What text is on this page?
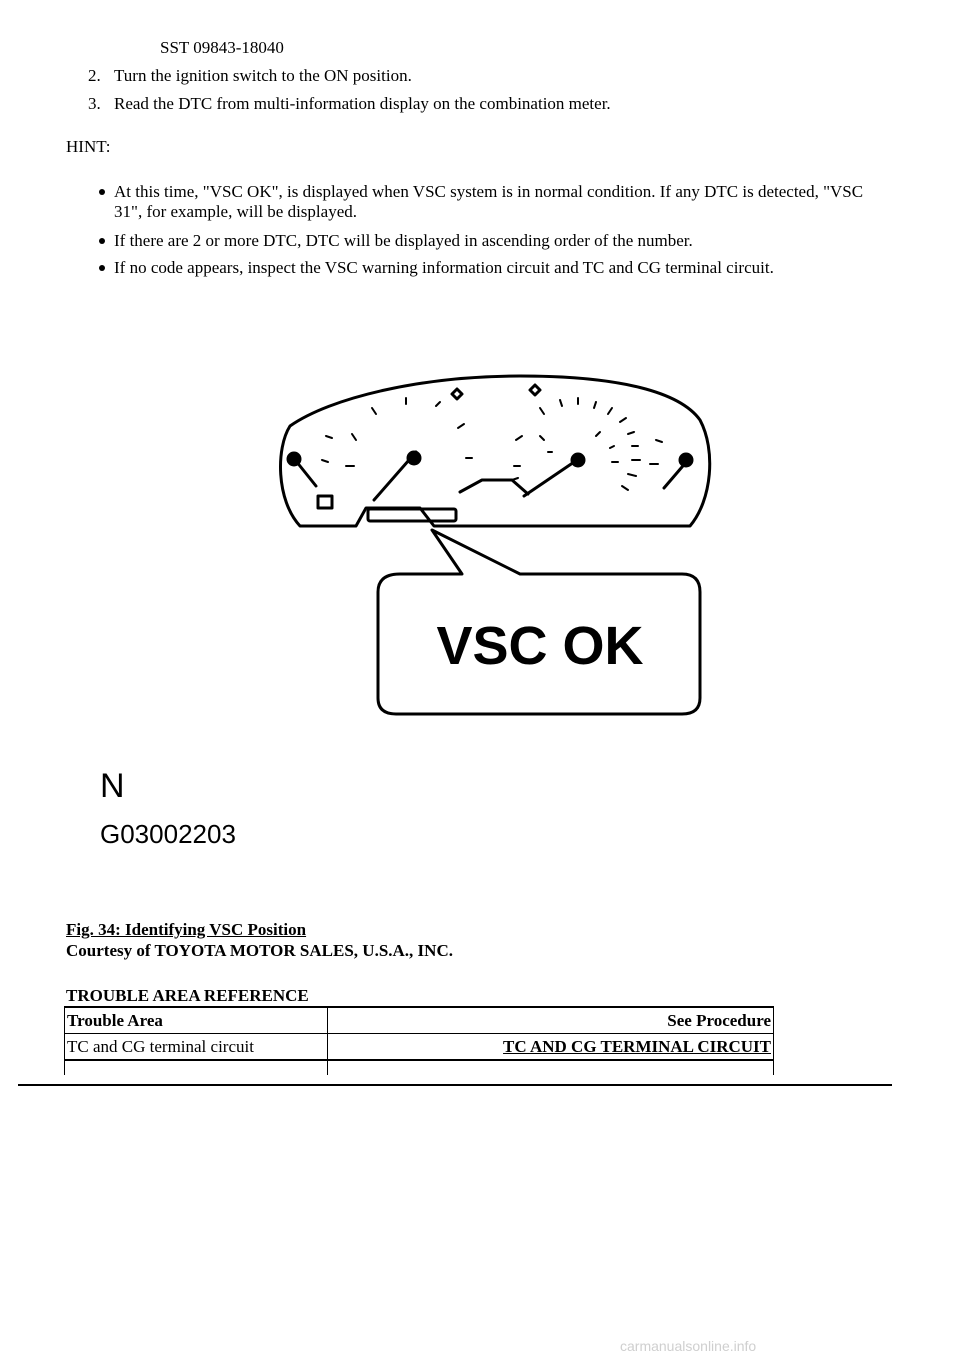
SST 09843-18040
2. Turn the ignition switch to the ON position.
3. Read the DTC from multi-information display on the combination meter.
HINT:
At this time, "VSC OK", is displayed when VSC system is in normal condition. If any DTC is detected, "VSC 31", for example, will be displayed.
If there are 2 or more DTC, DTC will be displayed in ascending order of the number.
If no code appears, inspect the VSC warning information circuit and TC and CG terminal circuit.
VSC OK
N
G03002203
Fig. 34: Identifying VSC Position
Courtesy of TOYOTA MOTOR SALES, U.S.A., INC.
TROUBLE AREA REFERENCE
Trouble Area	See Procedure
TC and CG terminal circuit	TC AND CG TERMINAL CIRCUIT

carmanualsonline.info
